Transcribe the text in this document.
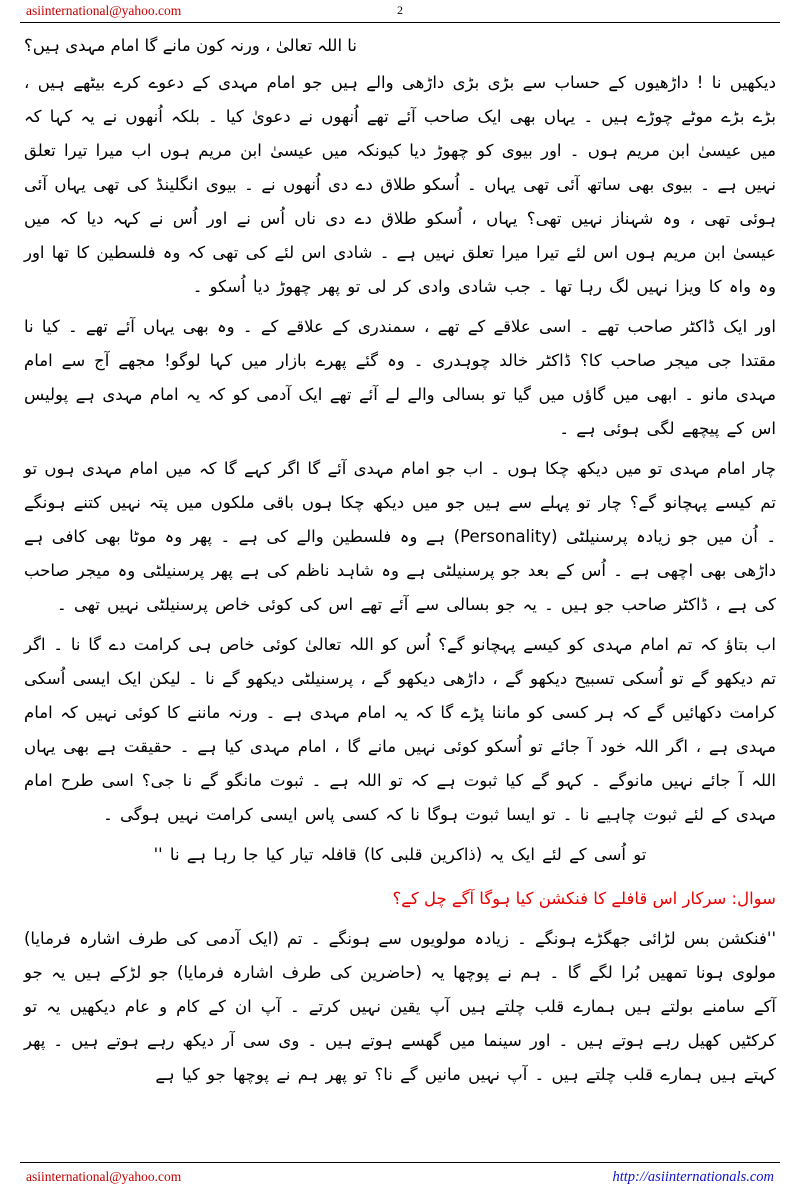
asiinternational@yahoo.com	2
نا اللہ تعالیٰ ، ورنہ کون مانے گا امام مہدی ہیں؟

دیکھیں نا ! داڑھیوں کے حساب سے بڑی بڑی داڑھی والے ہیں جو امام مہدی کے دعوے کرے بیٹھے ہیں ، بڑے بڑے موٹے چوڑے ہیں ۔ یہاں بھی ایک صاحب آئے تھے اُنھوں نے دعویٰ کیا ۔ بلکہ اُنھوں نے یہ کہا کہ میں عیسیٰ ابن مریم ہوں ۔ اور بیوی کو چھوڑ دیا کیونکہ میں عیسیٰ ابن مریم ہوں اب میرا تیرا تعلق نہیں ہے ۔ بیوی بھی ساتھ آئی تھی یہاں ۔ اُسکو طلاق دے دی اُنھوں نے ۔ بیوی انگلینڈ کی تھی یہاں آئی ہوئی تھی ، وہ شہناز نہیں تھی؟ یہاں ، اُسکو طلاق دے دی ناں اُس نے اور اُس نے کہہ دیا کہ میں عیسیٰ ابن مریم ہوں اس لئے تیرا میرا تعلق نہیں ہے ۔ شادی اس لئے کی تھی کہ وہ فلسطین کا تھا اور وہ واہ کا ویزا نہیں لگ رہا تھا ۔ جب شادی وادی کر لی تو پھر چھوڑ دیا اُسکو ۔

اور ایک ڈاکٹر صاحب تھے ۔ اسی علاقے کے تھے ، سمندری کے علاقے کے ۔ وہ بھی یہاں آئے تھے ۔ کیا نا مقتدا جی میجر صاحب کا؟ ڈاکٹر خالد چوہدری ۔ وہ گئے پھرے بازار میں کہا لوگو! مجھے آج سے امام مہدی مانو ۔ ابھی میں گاؤں میں گیا تو بسالی والے لے آئے تھے ایک آدمی کو کہ یہ امام مہدی ہے پولیس اس کے پیچھے لگی ہوئی ہے ۔

چار امام مہدی تو میں دیکھ چکا ہوں ۔ اب جو امام مہدی آئے گا اگر کہے گا کہ میں امام مہدی ہوں تو تم کیسے پہچانو گے؟ چار تو پہلے سے ہیں جو میں دیکھ چکا ہوں باقی ملکوں میں پتہ نہیں کتنے ہونگے ۔ اُن میں جو زیادہ پرسنیلٹی (Personality) ہے وہ فلسطین والے کی ہے ۔ پھر وہ موٹا بھی کافی ہے داڑھی بھی اچھی ہے ۔ اُس کے بعد جو پرسنیلٹی ہے وہ شاہد ناظم کی ہے پھر پرسنیلٹی وہ میجر صاحب کی ہے ، ڈاکٹر صاحب جو ہیں ۔ یہ جو بسالی سے آئے تھے اس کی کوئی خاص پرسنیلٹی نہیں تھی ۔

اب بتاؤ کہ تم امام مہدی کو کیسے پہچانو گے؟ اُس کو اللہ تعالیٰ کوئی خاص ہی کرامت دے گا نا ۔ اگر تم دیکھو گے تو اُسکی تسبیح دیکھو گے ، داڑھی دیکھو گے ، پرسنیلٹی دیکھو گے نا ۔ لیکن ایک ایسی اُسکی کرامت دکھائیں گے کہ ہر کسی کو ماننا پڑے گا کہ یہ امام مہدی ہے ۔ ورنہ ماننے کا کوئی نہیں کہ امام مہدی ہے ، اگر اللہ خود آ جائے تو اُسکو کوئی نہیں مانے گا ، امام مہدی کیا ہے ۔ حقیقت ہے بھی یہاں اللہ آ جائے نہیں مانوگے ۔ کہو گے کیا ثبوت ہے کہ تو اللہ ہے ۔ ثبوت مانگو گے نا جی؟ اسی طرح امام مہدی کے لئے ثبوت چاہیے نا ۔ تو ایسا ثبوت ہوگا نا کہ کسی پاس ایسی کرامت نہیں ہوگی ۔

تو اُسی کے لئے ایک یہ (ذاکرین قلبی کا) قافلہ تیار کیا جا رہا ہے نا ''

سوال: سرکار اس قافلے کا فنکشن کیا ہوگا آگے چل کے؟

''فنکشن بس لڑائی جھگڑے ہونگے ۔ زیادہ مولویوں سے ہونگے ۔ تم (ایک آدمی کی طرف اشارہ فرمایا) مولوی ہونا تمھیں بُرا لگے گا ۔ ہم نے پوچھا یہ (حاضرین کی طرف اشارہ فرمایا) جو لڑکے ہیں یہ جو آکے سامنے بولتے ہیں ہمارے قلب چلتے ہیں آپ یقین نہیں کرتے ۔ آپ ان کے کام و عام دیکھیں یہ تو کرکٹیں کھیل رہے ہوتے ہیں ۔ اور سینما میں گھسے ہوتے ہیں ۔ وی سی آر دیکھ رہے ہوتے ہیں ۔ پھر کہتے ہیں ہمارے قلب چلتے ہیں ۔ آپ نہیں مانیں گے نا؟ تو پھر ہم نے پوچھا جو کیا ہے

asiinternational@yahoo.com	http://asiinternationals.com
